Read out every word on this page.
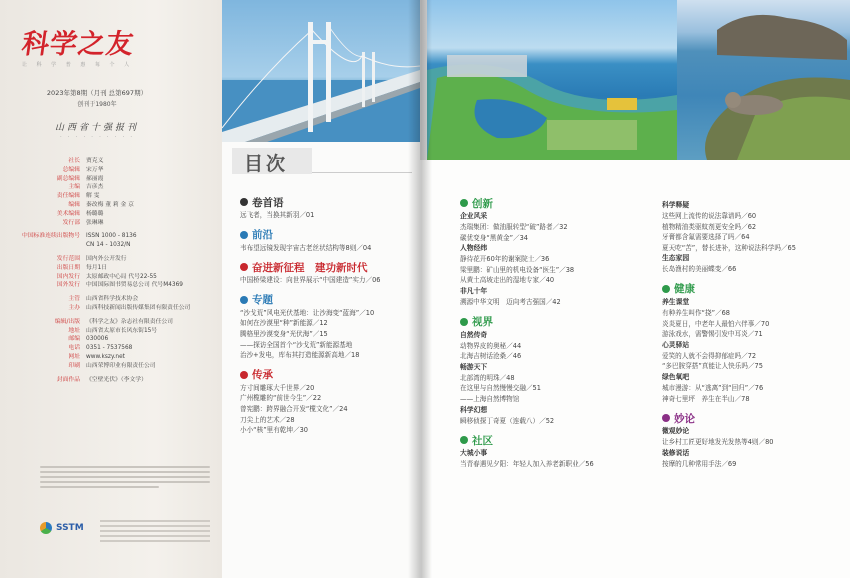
科学之友
让 科 学 普 惠 每 个 人
2023年第8期（月刊 总第697期）
创刊于1980年
山西省十强报刊
· · · · · · · · · ·
社长	贾克义
总编辑	宋万华
副总编辑	郝丽霞
主编	吉彦杰
责任编辑	解 雯
编辑	秦改梅 董 莉 金 京
美术编辑	杨璐璐
发行部	张琳琳
中国标准连续出版物号	ISSN 1000 - 8136
CN 14 - 1032/N
发行范围	国内外公开发行
出版日期	每月1日
国内发行	太原邮政中心局 代号22-55
国外发行	中国国际图书贸易总公司 代号M4369
主管	山西省科学技术协会
主办	山西科技新闻出版传媒集团有限责任公司
编辑/出版	《科学之友》杂志社有限责任公司
地址	山西省太原市长风东街15号
邮编	030006
电话	0351 - 7537568
网址	www.kszy.net
印刷	山西荣博印业有限责任公司
封面作品	《空壁光伏》（李文学）
SSTM
目次
卷首语
远飞者，当换其新羽／01
前沿
韦布望远镜发现宇宙古老丝状结构等8则／04
奋进新征程　建功新时代
中国桥梁建设：向世界展示“中国建造”实力／06
专题
“沙戈荒”风电光伏基地：让沙海变“蓝海”／10
如何在沙漠里“种”新能源／12
腾格里沙漠变身“光伏海”／15
——探访全国首个“沙戈荒”新能源基地
治沙+发电，库布其打造能源新高地／18
传承
方寸间雕琢大千世界／20
广州榄雕的“前世今生”／22
曾宪鹏：跨界融合开发“榄文化”／24
刀尖上的艺术／28
小小“核”里有乾坤／30
创新
企业风采
杰瑞集团：做油服转型“破”路者／32
碳优变身“黑黄金”／34
人物经纬
静待花开60年的谢案院士／36
梁里鹏：矿山里的机电设备“医生”／38
从黄土高坡走出的湿地专家／40
非凡十年
溯源中华文明　迈向考古强国／42
视界
自然传奇
动物界皮的奥秘／44
北海吉树话沧桑／46
畅游天下
北部湾的明珠／48
在这里与自然慢慢交融／51
——上海自然博物馆
科学幻想
瞬移侦探丁奇夏（连载八）／52
社区
大城小事
当青春遇见夕阳：年轻人加入养老新职业／56
科学释疑
这些网上流传的说法靠谱吗／60
植物精油类驱蚊剂更安全吗／62
牙膏都含氟需要选择了吗／64
夏天吃“苦”，替长进补，这种说法科学吗／65
生态家园
长岛渔村的美丽蝶变／66
健康
养生课堂
有种养生叫作“挠”／68
炎炎夏日，中老年人最怕六伴事／70
游泳戏水，需警惕引发中耳炎／71
心灵驿站
爱笑的人就不会得抑郁症吗／72
“多巴胺穿搭”真能让人快乐吗／75
绿色氧吧
城市漫游：从“逃离”到“回归”／76
神奇七里坪　养生在半山／78
妙论
微观妙论
让乡村工匠更好地发光发热等4则／80
装修说话
按摩的几种常用手法／69
